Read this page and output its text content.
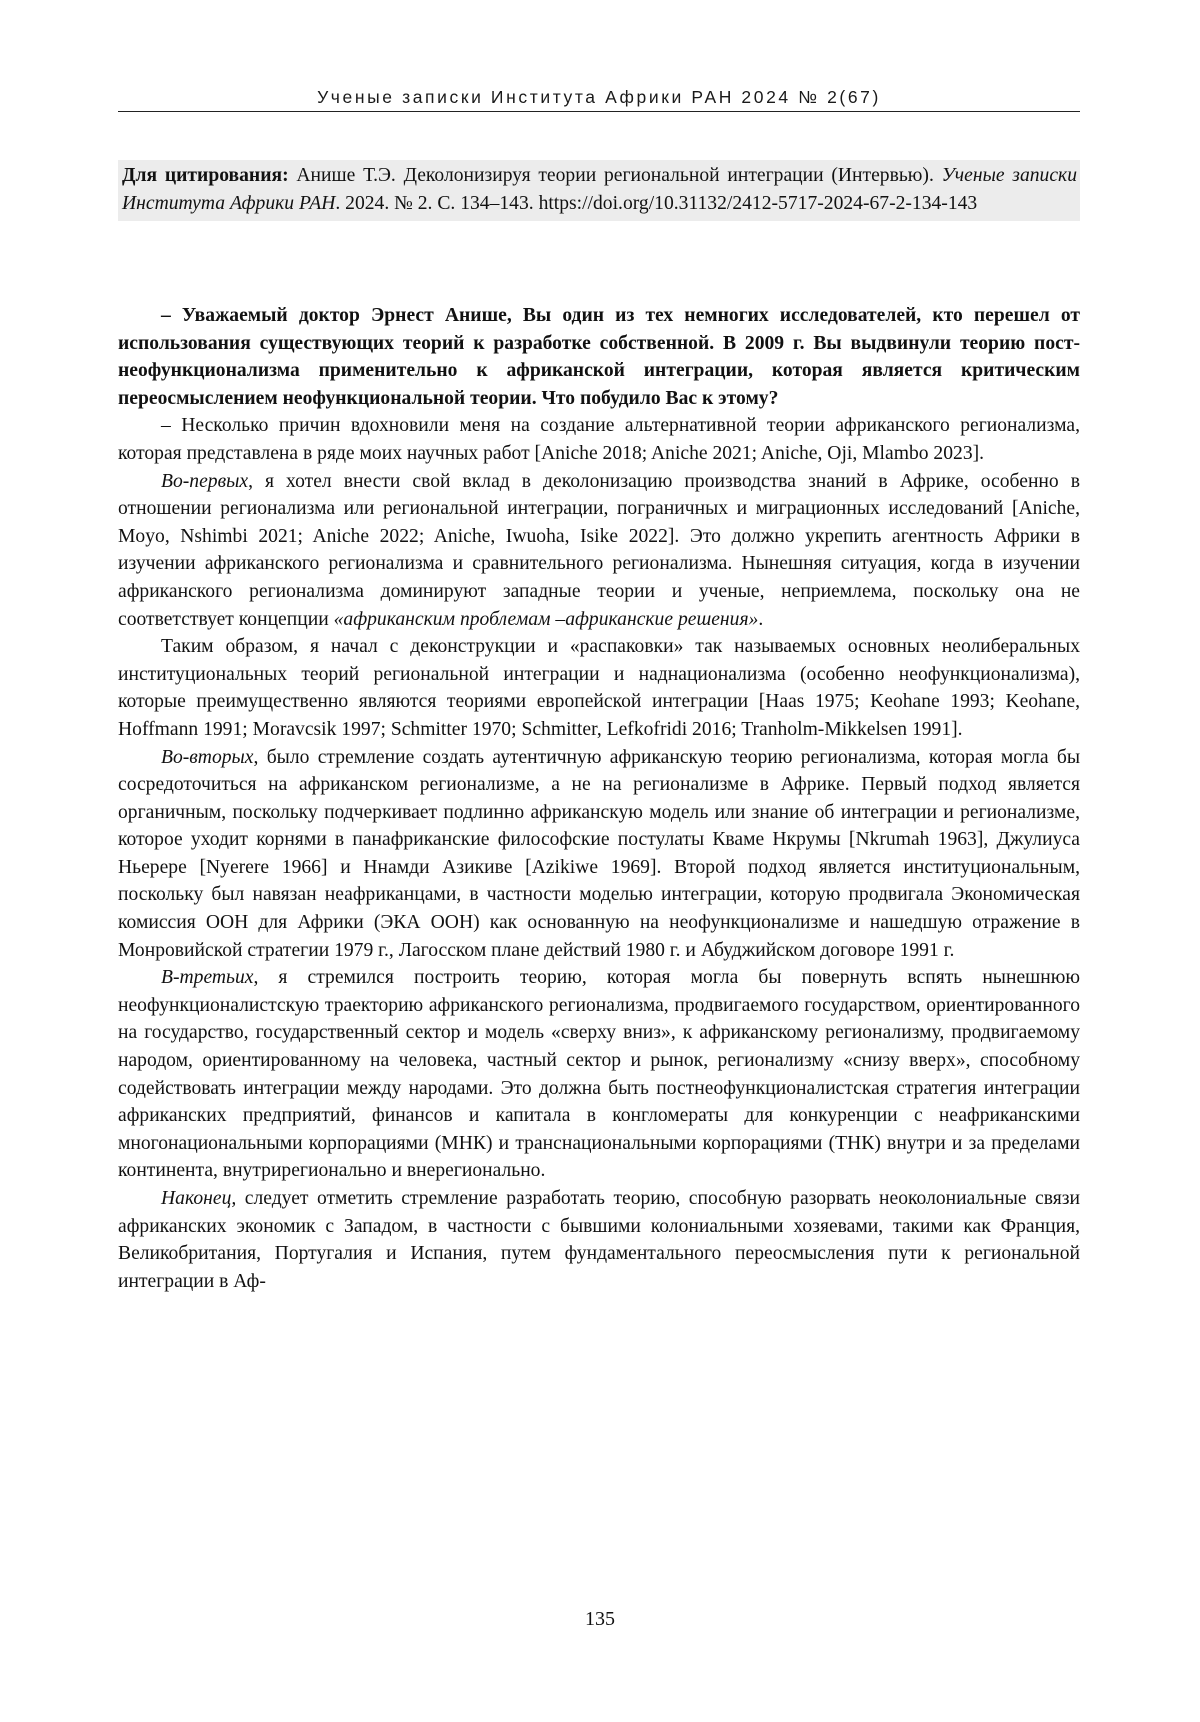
Ученые записки Института Африки РАН 2024 № 2(67)
Для цитирования: Анише Т.Э. Деколонизируя теории региональной интеграции (Интервью). Ученые записки Института Африки РАН. 2024. № 2. С. 134–143. https://doi.org/10.31132/2412-5717-2024-67-2-134-143

– Уважаемый доктор Эрнест Анише, Вы один из тех немногих исследователей, кто перешел от использования существующих теорий к разработке собственной. В 2009 г. Вы выдвинули теорию пост-неофункционализма применительно к африканской интеграции, которая является критическим переосмыслением неофункциональной теории. Что побудило Вас к этому?

– Несколько причин вдохновили меня на создание альтернативной теории африканского регионализма, которая представлена в ряде моих научных работ [Aniche 2018; Aniche 2021; Aniche, Oji, Mlambo 2023].

Во-первых, я хотел внести свой вклад в деколонизацию производства знаний в Африке, особенно в отношении регионализма или региональной интеграции, пограничных и миграционных исследований [Aniche, Moyo, Nshimbi 2021; Aniche 2022; Aniche, Iwuoha, Isike 2022]. Это должно укрепить агентность Африки в изучении африканского регионализма и сравнительного регионализма. Нынешняя ситуация, когда в изучении африканского регионализма доминируют западные теории и ученые, неприемлема, поскольку она не соответствует концепции «африканским проблемам –африканские решения».

Таким образом, я начал с деконструкции и «распаковки» так называемых основных неолиберальных институциональных теорий региональной интеграции и наднационализма (особенно неофункционализма), которые преимущественно являются теориями европейской интеграции [Haas 1975; Keohane 1993; Keohane, Hoffmann 1991; Moravcsik 1997; Schmitter 1970; Schmitter, Lefkofridi 2016; Tranholm-Mikkelsen 1991].

Во-вторых, было стремление создать аутентичную африканскую теорию регионализма, которая могла бы сосредоточиться на африканском регионализме, а не на регионализме в Африке. Первый подход является органичным, поскольку подчеркивает подлинно африканскую модель или знание об интеграции и регионализме, которое уходит корнями в панафриканские философские постулаты Кваме Нкрумы [Nkrumah 1963], Джулиуса Ньерере [Nyerere 1966] и Ннамди Азикиве [Azikiwe 1969]. Второй подход является институциональным, поскольку был навязан неафриканцами, в частности моделью интеграции, которую продвигала Экономическая комиссия ООН для Африки (ЭКА ООН) как основанную на неофункционализме и нашедшую отражение в Монровийской стратегии 1979 г., Лагосском плане действий 1980 г. и Абуджийском договоре 1991 г.

В-третьих, я стремился построить теорию, которая могла бы повернуть вспять нынешнюю неофункционалистскую траекторию африканского регионализма, продвигаемого государством, ориентированного на государство, государственный сектор и модель «сверху вниз», к африканскому регионализму, продвигаемому народом, ориентированному на человека, частный сектор и рынок, регионализму «снизу вверх», способному содействовать интеграции между народами. Это должна быть постнеофункционалистская стратегия интеграции африканских предприятий, финансов и капитала в конгломераты для конкуренции с неафриканскими многонациональными корпорациями (МНК) и транснациональными корпорациями (ТНК) внутри и за пределами континента, внутрирегионально и внерегионально.

Наконец, следует отметить стремление разработать теорию, способную разорвать неоколониальные связи африканских экономик с Западом, в частности с бывшими колониальными хозяевами, такими как Франция, Великобритания, Португалия и Испания, путем фундаментального переосмысления пути к региональной интеграции в Аф-

135
